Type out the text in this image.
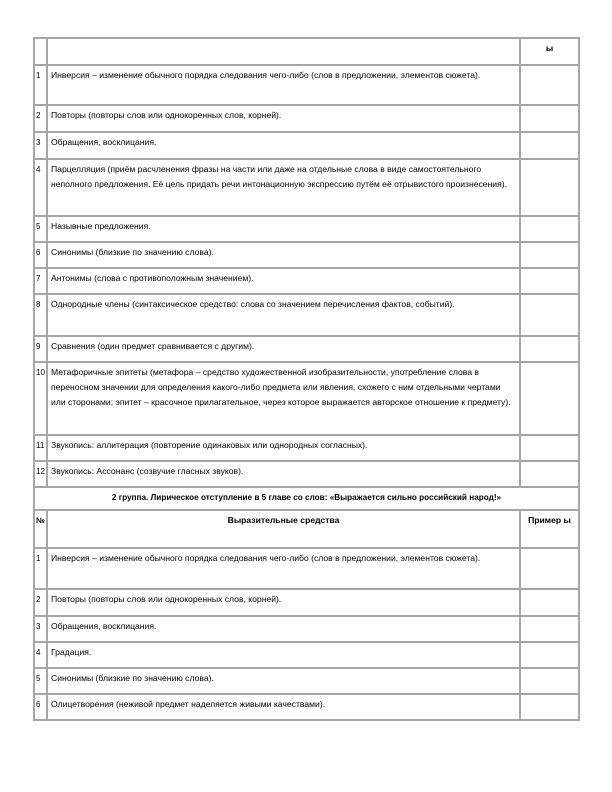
		ы
1	Инверсия – изменение обычного порядка следования чего-либо (слов в предложении, элементов сюжета).	
2	Повторы (повторы слов или однокоренных слов, корней).	
3	Обращения, восклицания.	
4	Парцелляция (приём расчленения фразы на части или даже на отдельные слова в виде самостоятельного неполного предложения. Её цель придать речи интонационную экспрессию путём её отрывистого произнесения).	
5	Назывные предложения.	
6	Синонимы (близкие по значению слова).	
7	Антонимы (слова с противоположным значением).	
8	Однородные члены (синтаксическое средство: слова со значением перечисления фактов, событий).	
9	Сравнения (один предмет сравнивается с другим).	
10	Метафоричные эпитеты (метафора – средство художественной изобразительности, употребление слова в переносном значении для определения какого-либо предмета или явления, схожего с ним отдельными чертами или сторонами; эпитет – красочное прилагательное, через которое выражается авторское отношение к предмету).	
11	Звукопись: аллитерация (повторение одинаковых или однородных согласных).	
12	Звукопись: Ассонанс (созвучие гласных звуков).	
2 группа. Лирическое отступление в 5 главе со слов: «Выражается сильно российский народ!»		
№	Выразительные средства	Пример ы
1	Инверсия – изменение обычного порядка следования чего-либо (слов в предложении, элементов сюжета).	
2	Повторы (повторы слов или однокоренных слов, корней).	
3	Обращения, восклицания.	
4	Градация.	
5	Синонимы (близкие по значению слова).	
6	Олицетворения (неживой предмет наделяется живыми качествами).	
